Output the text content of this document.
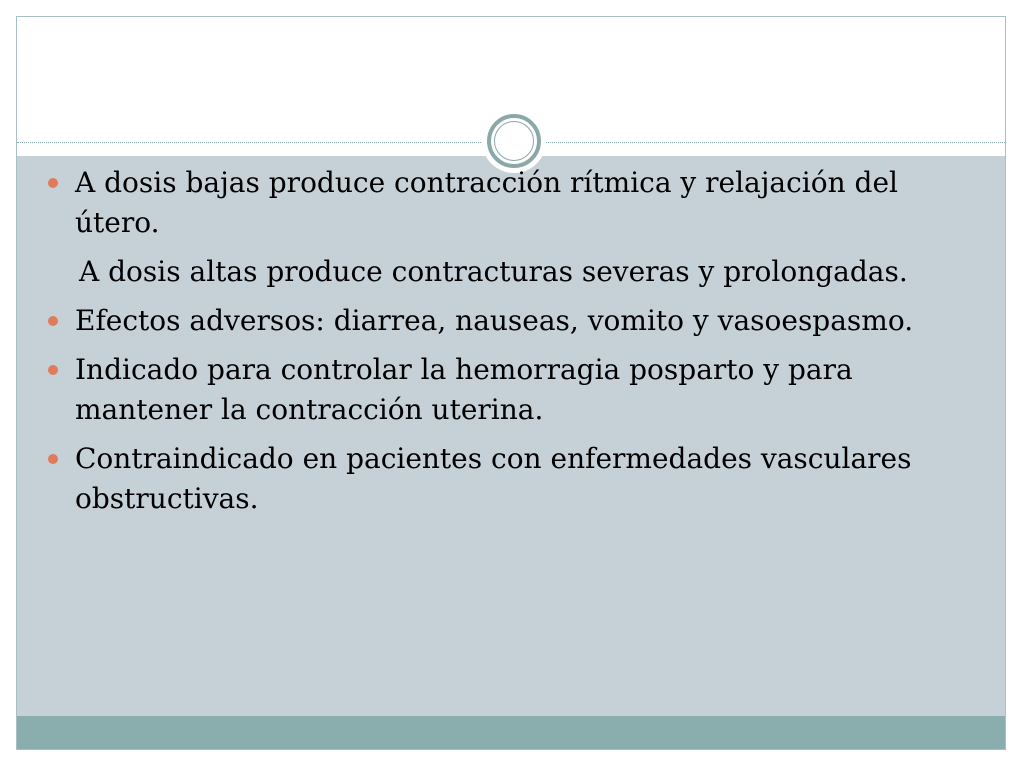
A dosis bajas produce contracción rítmica y relajación del útero.
A dosis altas produce contracturas severas y prolongadas.
Efectos adversos: diarrea, nauseas, vomito y vasoespasmo.
Indicado para controlar la hemorragia posparto y para mantener la contracción uterina.
Contraindicado en pacientes con enfermedades vasculares obstructivas.
